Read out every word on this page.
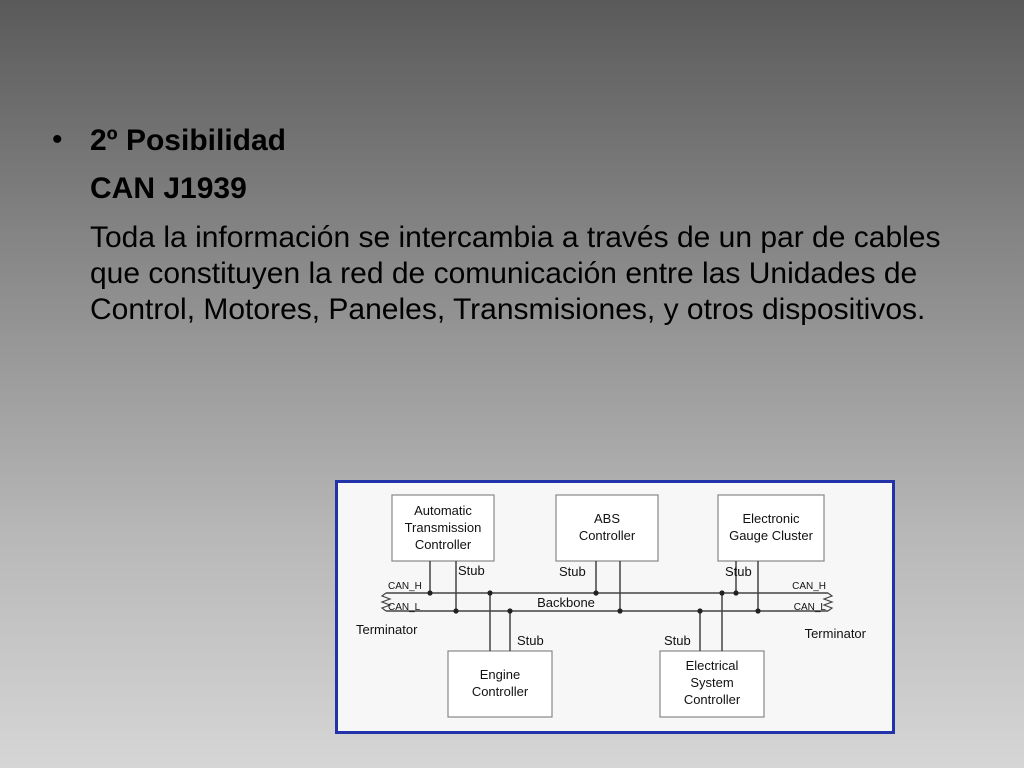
• 2º Posibilidad
CAN J1939
Toda la información se intercambia a través de un par de cables que constituyen la red de comunicación entre las Unidades de Control, Motores, Paneles, Transmisiones, y otros dispositivos.
Automatic
Transmission
Controller
ABS
Controller
Electronic
Gauge Cluster
Engine
Controller
Electrical
System
Controller
Stub	Stub	Stub
Stub	Stub
Backbone
CAN_H
CAN_L
CAN_H
CAN_L
Terminator	Terminator
